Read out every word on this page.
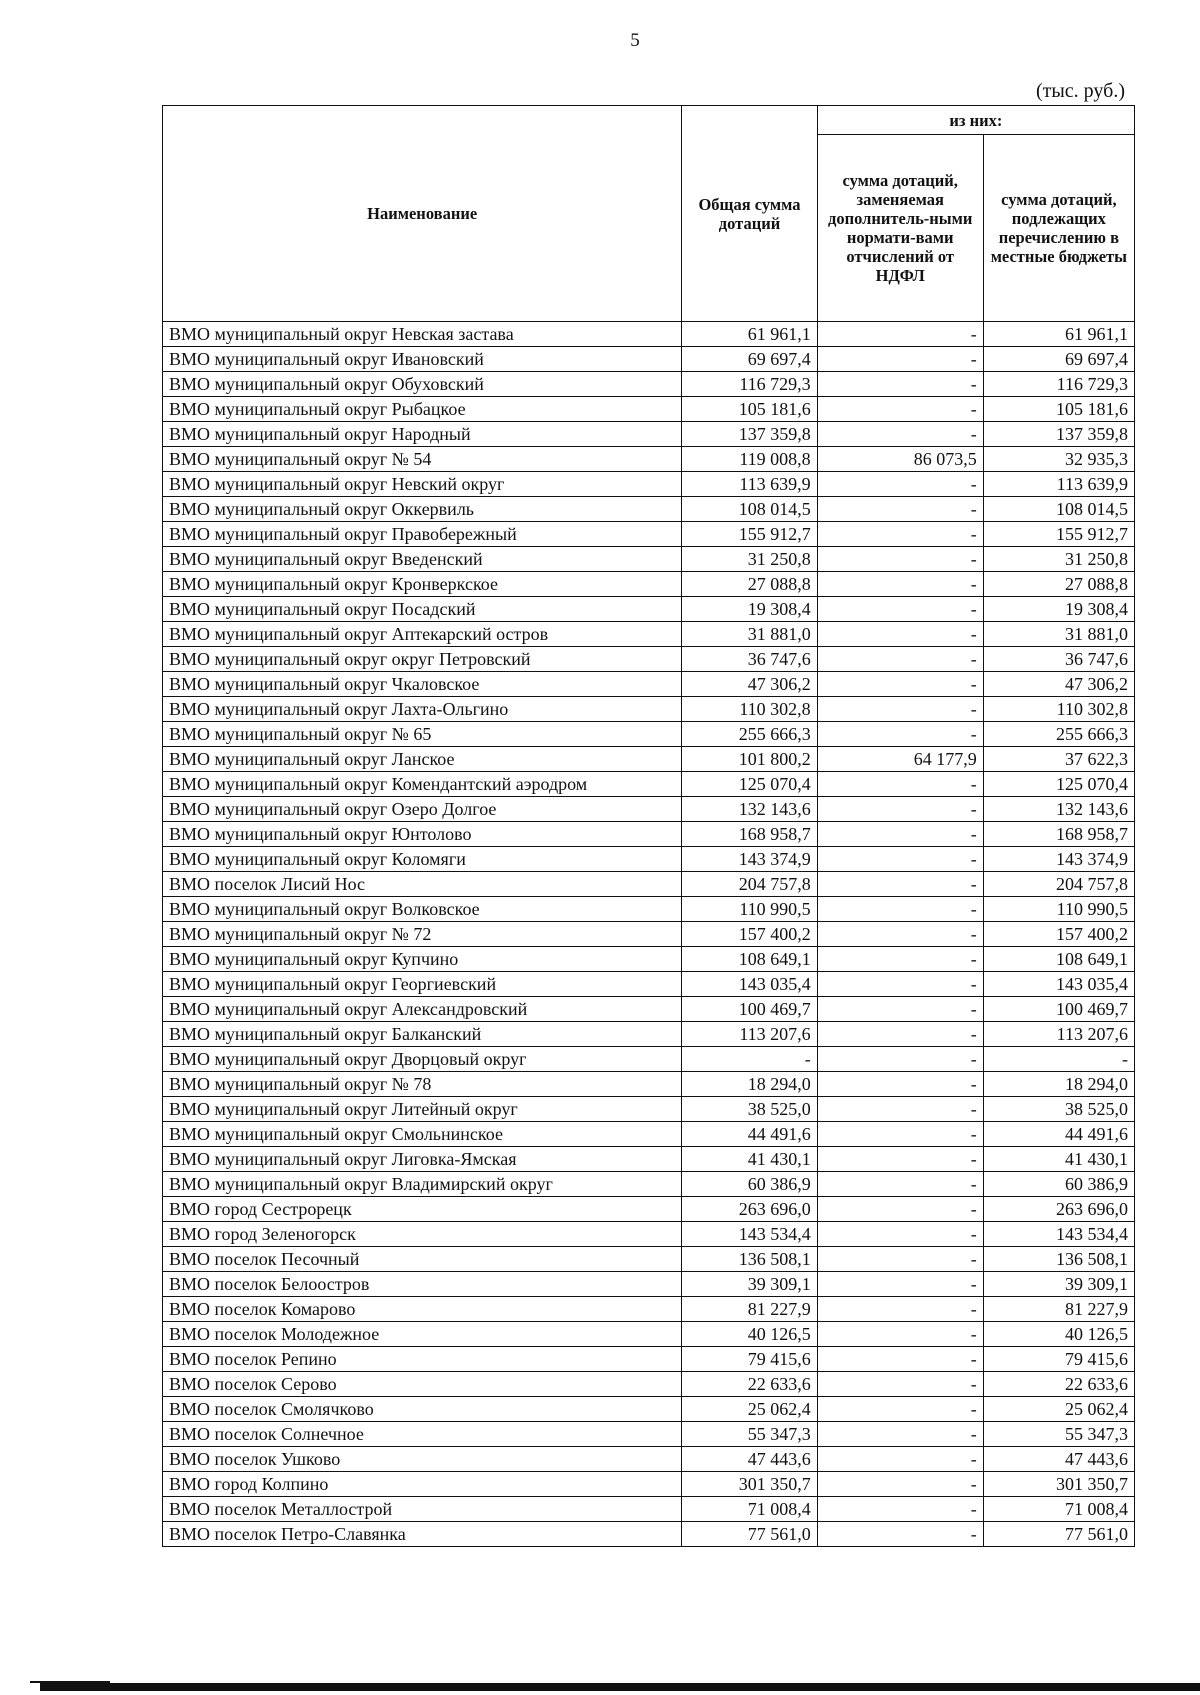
5
(тыс. руб.)
Наименование	Общая сумма дотаций	из них:	
		сумма дотаций, заменяемая дополнитель-ными нормати-вами отчислений от НДФЛ	сумма дотаций, подлежащих перечислению в местные бюджеты
ВМО муниципальный округ Невская застава	61 961,1	-	61 961,1
ВМО муниципальный округ Ивановский	69 697,4	-	69 697,4
ВМО муниципальный округ Обуховский	116 729,3	-	116 729,3
ВМО муниципальный округ Рыбацкое	105 181,6	-	105 181,6
ВМО муниципальный округ Народный	137 359,8	-	137 359,8
ВМО муниципальный округ № 54	119 008,8	86 073,5	32 935,3
ВМО муниципальный округ Невский округ	113 639,9	-	113 639,9
ВМО муниципальный округ Оккервиль	108 014,5	-	108 014,5
ВМО муниципальный округ Правобережный	155 912,7	-	155 912,7
ВМО муниципальный округ Введенский	31 250,8	-	31 250,8
ВМО муниципальный округ Кронверкское	27 088,8	-	27 088,8
ВМО муниципальный округ Посадский	19 308,4	-	19 308,4
ВМО муниципальный округ Аптекарский остров	31 881,0	-	31 881,0
ВМО муниципальный округ округ Петровский	36 747,6	-	36 747,6
ВМО муниципальный округ Чкаловское	47 306,2	-	47 306,2
ВМО муниципальный округ Лахта-Ольгино	110 302,8	-	110 302,8
ВМО муниципальный округ № 65	255 666,3	-	255 666,3
ВМО муниципальный округ Ланское	101 800,2	64 177,9	37 622,3
ВМО муниципальный округ Комендантский аэродром	125 070,4	-	125 070,4
ВМО муниципальный округ Озеро Долгое	132 143,6	-	132 143,6
ВМО муниципальный округ Юнтолово	168 958,7	-	168 958,7
ВМО муниципальный округ Коломяги	143 374,9	-	143 374,9
ВМО поселок Лисий Нос	204 757,8	-	204 757,8
ВМО муниципальный округ Волковское	110 990,5	-	110 990,5
ВМО муниципальный округ № 72	157 400,2	-	157 400,2
ВМО муниципальный округ Купчино	108 649,1	-	108 649,1
ВМО муниципальный округ Георгиевский	143 035,4	-	143 035,4
ВМО муниципальный округ Александровский	100 469,7	-	100 469,7
ВМО муниципальный округ Балканский	113 207,6	-	113 207,6
ВМО муниципальный округ Дворцовый округ	-	-	-
ВМО муниципальный округ № 78	18 294,0	-	18 294,0
ВМО муниципальный округ Литейный округ	38 525,0	-	38 525,0
ВМО муниципальный округ Смольнинское	44 491,6	-	44 491,6
ВМО муниципальный округ Лиговка-Ямская	41 430,1	-	41 430,1
ВМО муниципальный округ Владимирский округ	60 386,9	-	60 386,9
ВМО город Сестрорецк	263 696,0	-	263 696,0
ВМО город Зеленогорск	143 534,4	-	143 534,4
ВМО поселок Песочный	136 508,1	-	136 508,1
ВМО поселок Белоостров	39 309,1	-	39 309,1
ВМО поселок Комарово	81 227,9	-	81 227,9
ВМО поселок Молодежное	40 126,5	-	40 126,5
ВМО поселок Репино	79 415,6	-	79 415,6
ВМО поселок Серово	22 633,6	-	22 633,6
ВМО поселок Смолячково	25 062,4	-	25 062,4
ВМО поселок Солнечное	55 347,3	-	55 347,3
ВМО поселок Ушково	47 443,6	-	47 443,6
ВМО город Колпино	301 350,7	-	301 350,7
ВМО поселок Металлострой	71 008,4	-	71 008,4
ВМО поселок Петро-Славянка	77 561,0	-	77 561,0
